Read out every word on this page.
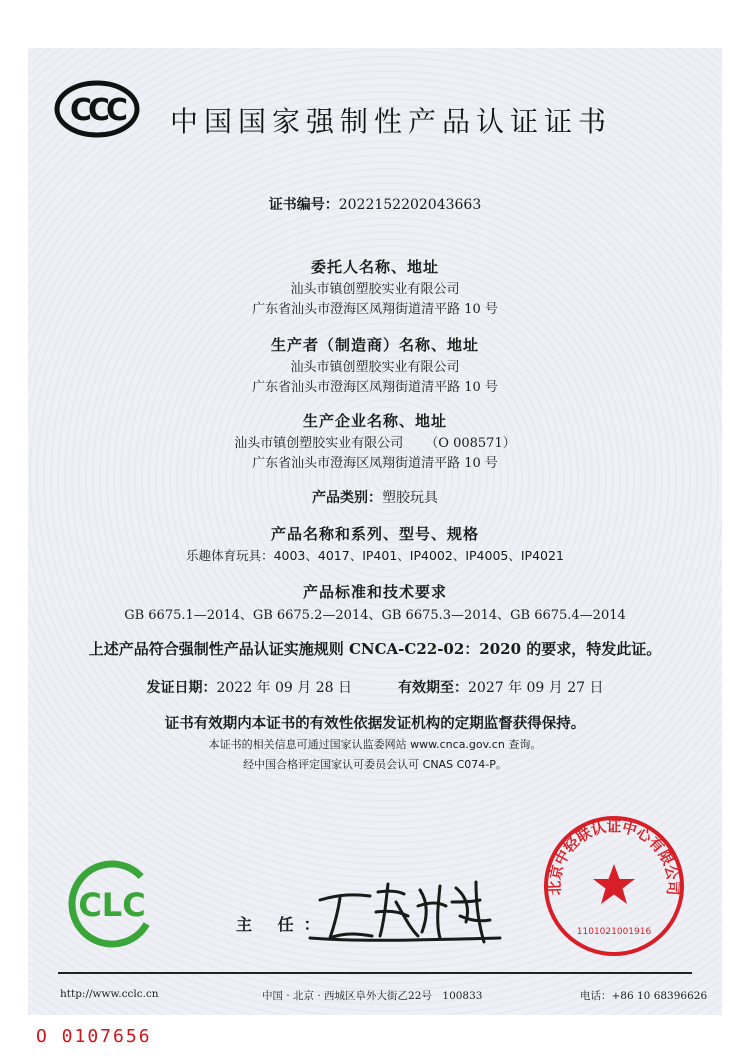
CCC 中国国家强制性产品认证证书
证书编号：2022152202043663
委托人名称、地址
汕头市镇创塑胶实业有限公司
广东省汕头市澄海区凤翔街道清平路 10 号
生产者（制造商）名称、地址
汕头市镇创塑胶实业有限公司
广东省汕头市澄海区凤翔街道清平路 10 号
生产企业名称、地址
汕头市镇创塑胶实业有限公司 （O 008571）
广东省汕头市澄海区凤翔街道清平路 10 号
产品类别：塑胶玩具
产品名称和系列、型号、规格
乐趣体育玩具：4003、4017、IP401、IP4002、IP4005、IP4021
产品标准和技术要求
GB 6675.1—2014、GB 6675.2—2014、GB 6675.3—2014、GB 6675.4—2014
上述产品符合强制性产品认证实施规则 CNCA-C22-02：2020 的要求，特发此证。
发证日期：2022 年 09 月 28 日	有效期至：2027 年 09 月 27 日
证书有效期内本证书的有效性依据发证机构的定期监督获得保持。
本证书的相关信息可通过国家认监委网站 www.cnca.gov.cn 查询。
经中国合格评定国家认可委员会认可 CNAS C074-P。
CLC
主 任：
北京中轻联认证中心有限公司
1101021001916
http://www.cclc.cn	中国 · 北京 · 西城区阜外大街乙22号　100833	电话：+86 10 68396626
O 0107656
